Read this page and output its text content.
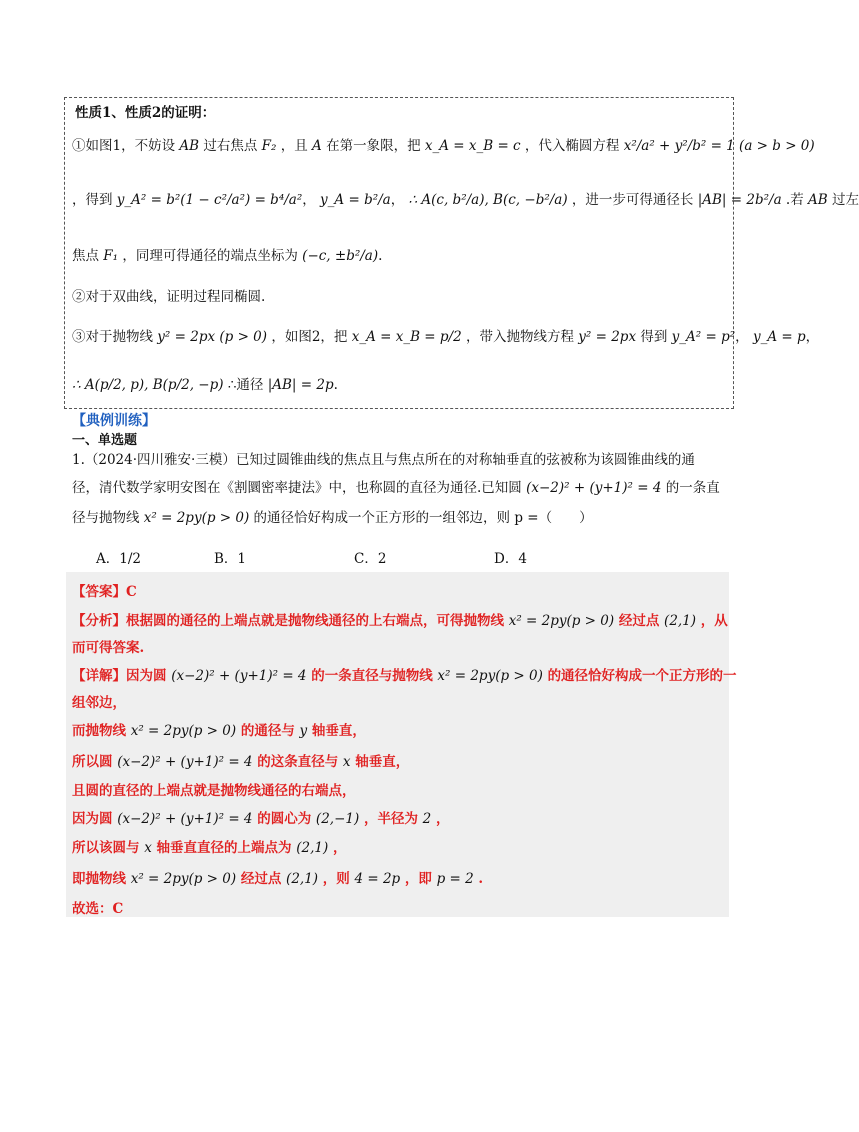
性质1、性质2的证明：
①如图1，不妨设 AB 过右焦点 F₂ ，且 A 在第一象限，把 x_A = x_B = c ，代入椭圆方程 x²/a² + y²/b² = 1 (a > b > 0)
，得到 y_A² = b²(1 − c²/a²) = b⁴/a²， y_A = b²/a， ∴ A(c, b²/a), B(c, −b²/a) ，进一步可得通径长 |AB| = 2b²/a .若 AB 过左
焦点 F₁ ，同理可得通径的端点坐标为 (−c, ±b²/a).
②对于双曲线，证明过程同椭圆.
③对于抛物线 y² = 2px (p > 0) ，如图2，把 x_A = x_B = p/2 ，带入抛物线方程 y² = 2px 得到 y_A² = p²， y_A = p，
∴ A(p/2, p), B(p/2, −p) ∴通径 |AB| = 2p.
【典例训练】
一、单选题
1.（2024·四川雅安·三模）已知过圆锥曲线的焦点且与焦点所在的对称轴垂直的弦被称为该圆锥曲线的通
径，清代数学家明安图在《割圜密率捷法》中，也称圆的直径为通径.已知圆 (x−2)² + (y+1)² = 4 的一条直
径与抛物线 x² = 2py(p > 0) 的通径恰好构成一个正方形的一组邻边，则 p =（　　）
A．1/2	B．1	C．2	D．4
【答案】C
【分析】根据圆的通径的上端点就是抛物线通径的上右端点，可得抛物线 x² = 2py(p > 0) 经过点 (2,1) ，从
而可得答案.
【详解】因为圆 (x−2)² + (y+1)² = 4 的一条直径与抛物线 x² = 2py(p > 0) 的通径恰好构成一个正方形的一
组邻边，
而抛物线 x² = 2py(p > 0) 的通径与 y 轴垂直，
所以圆 (x−2)² + (y+1)² = 4 的这条直径与 x 轴垂直，
且圆的直径的上端点就是抛物线通径的右端点，
因为圆 (x−2)² + (y+1)² = 4 的圆心为 (2,−1) ，半径为 2 ，
所以该圆与 x 轴垂直直径的上端点为 (2,1) ，
即抛物线 x² = 2py(p > 0) 经过点 (2,1) ，则 4 = 2p ，即 p = 2 .
故选：C
